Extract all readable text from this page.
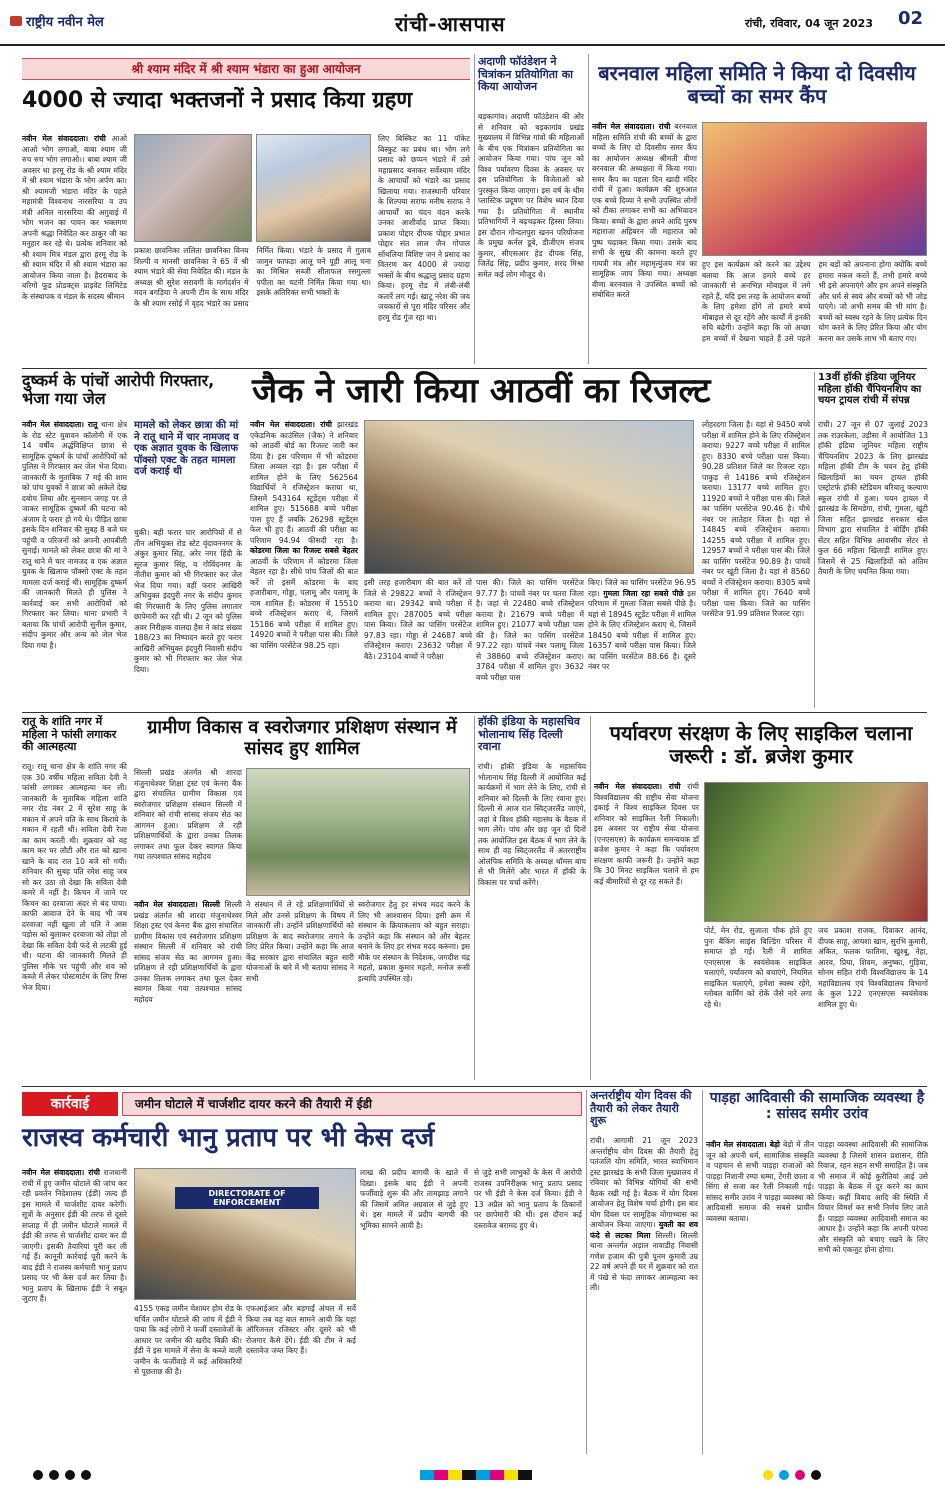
राष्ट्रीय नवीन मेल	रांची-आसपास	रांची, रविवार, 04 जून 2023 02
श्री श्याम मंदिर में श्री श्याम भंडारा का हुआ आयोजन
4000 से ज्यादा भक्तजनों ने प्रसाद किया ग्रहण
नवीन मेल संवाददाता। रांची आओ आओ भोग लगाओ, बाबा श्याम जी रुच रुच भोग लगाओ।। बाबा श्याम जी अवसर था हरमू रोड के श्री श्याम मंदिर में श्री श्याम भंडारा के भोग अर्पण का। श्री श्यामजी भंडारा मंदिर के पहले महामंत्री विश्वनाथ नारसरिया व उप मंत्री अनिल नारसरिया की अगुवाई में भोग भजन का पावन कर भक्तगण अपनी श्रद्धा निवेदित कर ठाकुर जी का मनुहार कर रहे थे। प्रत्येक शनिवार को श्री श्याम मित्र मंडल द्वारा हरमू रोड के श्री श्याम मंदिर में श्री श्याम भंडारा का आयोजन किया जाता है। हैदराबाद के बरिगो फूड प्रोडक्ट्स प्राइवेट लिमिटेड के संस्थापक व मंडल के सदस्य श्रीमान
प्रकाश छावनिका ललिता छावनिका विनय शिल्पी व मानसी छावनिका ने 65 वें श्री श्याम भंडारे की सेवा निवेदित की। मंडल के अध्यक्ष श्री सुरेश सरावगी के मार्गदर्शन में मदन बगड़िया ने अपनी टीम के साथ मंदिर के श्री श्याम रसोई में वृहद भंडारे का प्रसाद निर्मित किया। भंडारे के प्रसाद में गुलाब जामुन फाफड़ा आलू चने पूड़ी आलू चना का मिश्रित सब्जी सीताफल रसगुल्ला पपीता का चटनी निर्मित किया गया था। इसके अतिरिक्त सभी भक्तों के
लिए बिस्किट का 11 पॉकेट बिस्कुट का प्रबंध था। भोग लगे प्रसाद को छप्पन भंडारे में उसे महाप्रसाद बनाकर सर्वेश्याम मंदिर के आचार्यों को भंडारे का प्रसाद खिलाया गया। राजस्थानी परिवार के शिल्पया सराफ मनीष सराफ ने आचार्यों का चंदन वंदन करके उनका आशीर्वाद प्राप्त किया। प्रकाश पोद्दार दीपक पोद्दार प्रभात पोद्दार संत लाल जैन गोपाल सोंथलिया विशिष्ट जन ने प्रसाद का वितरण कर 4000 से ज्यादा भक्तों के बीच श्रद्धालु प्रसाद ग्रहण किया। हरमू रोड में लंबी-लंबी कतारें लग गईं। खाटू नरेश की जय जयकारों से पूरा मंदिर परिसर और हरमू रोड गूंज रहा था।
अदाणी फॉउंडेशन ने चित्रांकन प्रतियोगिता का किया आयोजन
बड़कागांव। अदाणी फॉउंडेशन की ओर से शनिवार को बड़कागांव प्रखंड मुख्यालय में विभिन्न गांवों की महिलाओं के बीच एक चित्रांकन प्रतियोगिता का आयोजन किया गया। पांच जून को विश्व पर्यावरण दिवस के अवसर पर इस प्रतियोगिता के विजेताओं को पुरस्कृत किया जाएगा। इस वर्ष के थीम प्लास्टिक प्रदूषण पर विशेष ध्यान दिया गया है। प्रतियोगिता में स्थानीय प्रतिभागियों ने बढ़चढ़कर हिस्सा लिया। इस दौरान गोन्दलपुरा खनन परियोजना के प्रमुख कर्नल डूबे, डीजीएम संजय कुमार, सीएसआर हेड दीपक सिंह, जितेंद्र सिंह, प्रदीप कुमार, शरद मिश्रा समेत कई लोग मौजूद थे।
बरनवाल महिला समिति ने किया दो दिवसीय बच्चों का समर कैंप
नवीन मेल संवाददाता। रांची बरनवाल महिला समिति रांची की बच्चों के द्वारा बच्चों के लिए दो दिवसीय समर कैंप का आयोजन अध्यक्ष श्रीमती वीणा बरनवाल की अध्यक्षता में किया गया। समर कैंप का पहला दिन खादी मंदिर रांची में हुआ। कार्यक्रम की शुरुआत एक बच्चे दिव्या ने सभी उपस्थित लोगों को टीका लगाकर सभी का अभिवादन किया। बच्चों के द्वारा अपने आदि पुरुष महाराजा अहिबरन जी महाराज को पुष्प चढ़ाकर किया गया। उसके बाद सभी के सुख की कामना करते हुए गायत्री मंत्र और महामृत्युंजय मंत्र का सामूहिक जाप किया गया। अध्यक्षा वीणा बरनवाल ने उपस्थित बच्चों को संबोधित करते
हुए इस कार्यक्रम को करने का उद्देश्य बताया कि आज हमारे बच्चे हर जानकारी से अनभिज्ञ मोबाइल में लगे रहते हैं, यदि इस तरह के आयोजन बच्चों के लिए हमेशा होंगे तो हमारे बच्चे मोबाइल से दूर रहेंगे और कार्यों में इनकी रुचि बढ़ेगी। उन्होंने कहा कि जो अच्छा हम बच्चों में देखना चाहते हैं उसे पहले हम बड़ों को अपनाना होगा क्योंकि बच्चे हमारा नकल करते हैं, तभी हमारे बच्चे भी इसे अपनाएंगे और हम अपने संस्कृति और धर्म से स्वयं और बच्चों को भी जोड़ पाएंगे। जो अभी समय की भी मांग है। बच्चों को स्वस्थ रहने के लिए प्रत्येक दिन योग करने के लिए प्रेरित किया और योग करना कर उसके लाभ भी बताए गए।
दुष्कर्म के पांचों आरोपी गिरफ्तार, भेजा गया जेल
नवीन मेल संवाददाता। रातू थाना क्षेत्र के रोड स्टेट युवावन कॉलोनी में एक 14 वर्षीय अर्द्धविक्षिप्त छात्रा से सामूहिक दुष्कर्म के पांचों आरोपियों को पुलिस ने गिरफ्तार कर जेल भेज दिया। जानकारी के मुताबिक 7 मई की शाम को पांच युवकों ने छात्रा को अकेले देख दबोच लिया और सुनसान जगह पर ले जाकर सामूहिक दुष्कर्म की घटना को अंजाम दे फरार हो गये थे। पीड़ित छात्रा इसके दिन शनिवार की सुबह 8 बजे घर पहुंची व परिजनों को अपनी आपबीती सुनाई। मामले को लेकर छात्रा की मां ने रातू थाने में चार नामजद व एक अज्ञात युवक के खिलाफ पॉक्सो एक्ट के तहत मामला दर्ज कराई थी। सामूहिक दुष्कर्म की जानकारी मिलते ही पुलिस ने कार्रवाई कर सभी आरोपियों को गिरफ्तार कर लिया। थाना प्रभारी ने बताया कि पांचों आरोपी सुनील कुमार, संदीप कुमार और अन्य को जेल भेज दिया गया है।
मामले को लेकर छात्रा की मां ने रातू थाने में चार नामजद व एक अज्ञात युवक के खिलाफ पॉक्सो एक्ट के तहत मामला दर्ज कराई थी
चुकी। बही फरार चार आरोपियों में से तीन अभियुक्त रोड स्टेट वृंदावननगर के अंकुर कुमार सिंह, अरेर नगर हिंदी के सूरज कुमार सिंह, व गोविंदनगर के नीतीश कुमार को भी गिरफ्तार कर जेल भेज दिया गया। वहीं फरार आखिरी अभियुक्त इंदपुरी नगर के संदीप कुमार की गिरफ्तारी के लिए पुलिस लगातार छापेमारी कर रही थी। 2 जून को पुलिस अवर निरीक्षक वालदा हैस ने कांड संख्या 188/23 का निष्पादन करते हुए फरार आखिरी अभियुक्त इंदपुरी निवासी संदीप कुमार को भी गिरफ्तार कर जेल भेज दिया।
जैक ने जारी किया आठवीं का रिजल्ट
नवीन मेल संवाददाता। रांची झारखंड एकेडमिक काउंसिल (जैक) ने शनिवार को आठवीं बोर्ड का रिजल्ट जारी कर दिया है। इस परिणाम में भी कोडरमा जिला अव्वल रहा है। इस परीक्षा में शामिल होने के लिए 562564 विद्यार्थियों ने रजिस्ट्रेशन कराया था, जिसमें 543164 स्टूडेंट्स परीक्षा में शामिल हुए। 515688 बच्चे परीक्षा पास हुए हैं जबकि 26298 स्टूडेंट्स फेल भी हुए हैं। आठवीं की परीक्षा का परिणाम 94.94 फीसदी रहा है। कोडरमा जिला का रिजल्ट सबसे बेहतर आठवीं के परिणाम में कोडरमा जिला बेहतर रहा है। सीधे पांच जिलों की बात करें तो इसमें कोडरमा के बाद हजारीबाग, गोड्डा, पलामू और पलामू के नाम शामिल हैं। कोडरमा में 15510 बच्चे रजिस्ट्रेशन कराए थे, जिसमें 15186 बच्चे परीक्षा में शामिल हुए। 14920 बच्चों ने परीक्षा पास की। जिले का पासिंग परसेंटेज 98.25 रहा।
इसी तरह हजारीबाग की बात करें तो जिले से 29822 बच्चों ने रजिस्ट्रेशन कराया था। 29342 बच्चे परीक्षा में शामिल हुए। 287005 बच्चे परीक्षा पास किया। जिले का पासिंग परसेंटेज 97.83 रहा। गोड्डा से 24687 बच्चे रजिस्ट्रेशन कराए। 23632 परीक्षा में बैठे। 23104 बच्चों ने परीक्षा
पास की। जिले का पासिंग परसेंटेज 97.77 है। पांचवें नंबर पर चतरा जिला है। जहां से 22480 बच्चे रजिस्ट्रेशन कराया है। 21679 बच्चे परीक्षा में शामिल हुए। 21077 बच्चे परीक्षा पास की है। जिले का पासिंग परसेंटेज 97.22 रहा। पांचवें नंबर पलामू जिला से 38860 बच्चे रजिस्ट्रेशन कराए। 3784 परीक्षा में शामिल हुए। 3632 बच्चे परीक्षा पास
किए। जिले का पासिंग परसेंटेज 96.95 रहा। गुमला जिला रहा सबसे पीछे इस परिणाम में गुमला जिला सबसे पीछे है। यहां से 18945 स्टूडेंट परीक्षा में शामिल होने के लिए रजिस्ट्रेशन कराए थे, जिसमें 18450 बच्चे परीक्षा में शामिल हुए। 16357 बच्चे परीक्षा पास किया। जिले का पासिंग परसेंटेज 88.66 है। दूसरे नंबर पर
लोहरदगा जिला है। यहां से 9450 बच्चे परीक्षा में शामिल होने के लिए रजिस्ट्रेशन कराया। 9227 बच्चे परीक्षा में शामिल हुए। 8330 बच्चे परीक्षा पास किया। 90.28 प्रतिशत जिले का रिजल्ट रहा। पाकुड़ से 14186 बच्चे रजिस्ट्रेशन कराया। 13177 बच्चे शामिल हुए। 11920 बच्चों ने परीक्षा पास की। जिले का पासिंग परसेंटेज 90.46 है। चौथे नंबर पर लातेहार जिला है। यहां से 14845 बच्चे रजिस्ट्रेशन कराया। 14255 बच्चे परीक्षा में शामिल हुए। 12957 बच्चों ने परीक्षा पास की। जिले का पासिंग परसेंटेज 90.89 है। पांचवें नंबर पर खूंटी जिला है। यहां से 8560 बच्चों ने रजिस्ट्रेशन कराया। 8305 बच्चे परीक्षा में शामिल हुए। 7640 बच्चे परीक्षा पास किया। जिले का पासिंग परसेंटेज 91.99 प्रतिशत रिजल्ट रहा।
13वीं हॉकी इंडिया जूनियर महिला हॉकी चैंपियनशिप का चयन ट्रायल रांची में संपन्न
रांची। 27 जून से 07 जुलाई 2023 तक राउरकेला, उड़ीसा में आयोजित 13 हॉकी इंडिया जूनियर महिला राष्ट्रीय चैंपियनशिप 2023 के लिए झारखंड महिला हॉकी टीम के चयन हेतु हॉकी खिलाड़ियों का चयन ट्रायल हॉकी एस्ट्रोटर्फ हॉकी स्टेडियम बरियातू कल्याण स्कूल रांची में हुआ। चयन ट्रायल में झारखंड के सिमडेगा, रांची, गुमला, खूंटी जिला सहित झारखंड सरकार खेल विभाग द्वारा संचालित डे बोर्डिंग हॉकी सेंटर सहित विभिन्न आवासीय सेंटर से कुल 66 महिला खिलाड़ी शामिल हुए। जिसमें से 25 खिलाड़ियों को अंतिम तैयारी के लिए चयनित किया गया।
रातू के शांति नगर में महिला ने फांसी लगाकर की आत्महत्या
रातू। रातू थाना क्षेत्र के शांति नगर की एक 30 वर्षीय महिला सविता देवी ने फांसी लगाकर आत्महत्या कर ली। जानकारी के मुताबिक महिला शांति नगर रोड नंबर 2 में सुरेश साहू के मकान में अपने पति के साथ किराये के मकान में रहती थी। सविता देवी रेजा का काम करती थी। शुक्रवार को वह काम कर घर लौटी और रात को खाना खाने के बाद रात 10 बजे सो गयी। शनिवार की सुबह पति रमेश साहू जब सो कर उठा तो देखा कि सविता देवी कमरे में नहीं है। किचन में जाने पर किचन का दरवाजा अंदर से बंद पाया। काफी आवाज देने के बाद भी जब दरवाजा नहीं खुला तो पति ने आस पड़ोस को बुलाकर दरवाजा को तोड़ा तो देखा कि सविता देवी फंदे से लटकी हुई थी। घटना की जानकारी मिलते ही पुलिस मौके पर पहुंची और शव को कब्जे में लेकर पोस्टमार्टम के लिए रिम्स भेज दिया।
ग्रामीण विकास व स्वरोजगार प्रशिक्षण संस्थान में सांसद हुए शामिल
नवीन मेल संवाददाता। सिल्ली सिल्ली प्रखंड अंतर्गत श्री शारदा मंजुनाथेश्वर शिक्षा ट्रस्ट एवं केनरा बैंक द्वारा संचालित ग्रामीण विकास एवं स्वरोजगार प्रशिक्षण संस्थान सिल्ली में शनिवार को रांची सांसद संजय सेठ का आगमन हुआ। प्रशिक्षण ले रही प्रशिक्षणार्थियों के द्वारा उनका तिलक लगाकर तथा फूल देकर स्वागत किया गया तत्पश्चात सांसद महोदय
ने संस्थान में ले रहे प्रशिक्षणार्थियों से मिले और उनसे प्रशिक्षण के विषय में जानकारी ली। उन्होंने प्रशिक्षणार्थियों को प्रशिक्षण के बाद स्वरोजगार लगाने के लिए प्रेरित किया। उन्होंने कहा कि आज केंद्र सरकार द्वारा संचालित बहुत सारी योजनाओं के बारे में भी बताया सांसद ने सभी
स्वरोजगार हेतु हर संभव मदद करने के लिए भी आश्वासन दिया। इसी क्रम में संस्थान के क्रियाकलाप को बहुत सराहा। उन्होंने कहा कि संस्थान को और बेहतर बनाने के लिए हर संभव मदद करूंगा। इस मौके पर संस्थान के निदेशक, जगदीश चंद्र महतो, प्रकाश कुमार महतो, मनोज रूसी इत्यादि उपस्थित रहे।
सिल्ली प्रखंड अंतर्गत श्री शारदा मंजुनाथेश्वर शिक्षा ट्रस्ट एवं केनरा बैंक द्वारा संचालित ग्रामीण विकास एवं स्वरोजगार प्रशिक्षण संस्थान सिल्ली में शनिवार को रांची सांसद संजय सेठ का आगमन हुआ। प्रशिक्षण ले रही प्रशिक्षणार्थियों के द्वारा उनका तिलक लगाकर तथा फूल देकर स्वागत किया गया तत्पश्चात सांसद महोदय
हॉकी इंडिया के महासचिव भोलानाथ सिंह दिल्ली रवाना
रांची। हॉकी इंडिया के महासचिव भोलानाथ सिंह दिल्ली में आयोजित कई कार्यक्रमों में भाग लेने के लिए, रांची से शनिवार को दिल्ली के लिए रवाना हुए। दिल्ली से आज रात स्विट्जरलैंड जाएंगे, जहां वे विश्व हॉकी महासंघ के बैठक में भाग लेंगे। पांच और छह जून दो दिनों तक आयोजित इस बैठक में भाग लेने के साथ ही वह स्विट्जरलैंड में अंतरराष्ट्रीय ओलंपिक समिति के अध्यक्ष थॉमस बाच से भी मिलेंगे और भारत में हॉकी के विकास पर चर्चा करेंगे।
पर्यावरण संरक्षण के लिए साइकिल चलाना जरूरी : डॉ. ब्रजेश कुमार
नवीन मेल संवाददाता। रांची रांची विश्वविद्यालय की राष्ट्रीय सेवा योजना इकाई ने विश्व साइकिल दिवस पर शनिवार को साइकिल रैली निकाली। इस अवसर पर राष्ट्रीय सेवा योजना (एनएसएस) के कार्यक्रम समन्वयक डॉ ब्रजेश कुमार ने कहा कि पर्यावरण संरक्षण काफी जरूरी है। उन्होंने कहा कि 30 मिनट साइकिल चलाने से हम कई बीमारियों से दूर रह सकते हैं।
पोर्ट, मेन रोड, सुजाता चौक होते हुए पुनः बैंकिंग साइंस बिल्डिंग परिसर में समाप्त हो गई। रैली में शामिल एनएसएस के स्वयंसेवक साइकिल चलाएंगे, पर्यावरण को बचाएंगे, नियमित साइकिल चलाएंगे, हमेशा स्वस्थ रहेंगे, ग्लोबल वार्मिंग को रोकें जैसे नारे लगा रहे थे।
जय प्रकाश राजक, दिवाकर आनंद, दीपक साहू, आयशा खान, सुरभि कुमारी, अंकित, फलक फातिमा, खुश्बू, नेहा, आरव, प्रिया, शिवम, अनुष्का, गुड़िया, सोनम सहित रांची विश्वविद्यालय के 14 महाविद्यालय एवं विश्वविद्यालय विभागों के कुल 122 एनएसएस स्वयंसेवक शामिल हुए थे।
कार्रवाई	जमीन घोटाले में चार्जशीट दायर करने की तैयारी में ईडी
राजस्व कर्मचारी भानु प्रताप पर भी केस दर्ज
नवीन मेल संवाददाता। रांची राजधानी रांची में हुए जमीन घोटाले की जांच कर रही प्रवर्तन निदेशालय (ईडी) जल्द ही इस मामले में चार्जशीट दायर करेगी। सूत्रों के अनुसार ईडी की तरफ से दूसरे सप्ताह में ही जमीन घोटाले मामले में ईडी की तरफ से चार्जशीट दायर कर दी जाएगी। इसकी तैयारियां पूरी कर ली गई हैं। कानूनी कार्रवाई पूरी करने के बाद ईडी ने राजस्व कर्मचारी भानु प्रताप प्रसाद पर भी केस दर्ज कर लिया है। भानु प्रताप के खिलाफ ईडी ने सबूत जुटाए हैं।
DIRECTORATE OF ENFORCEMENT
4155 एकड़ जमीन चेशायर होम रोड के चर्चित जमीन घोटाले की जांच में ईडी ने पाया कि कई लोगों ने फर्जी दस्तावेजों के आधार पर जमीन की खरीद बिक्री की। ईडी ने इस मामले में सेना के कब्जे वाली जमीन के फर्जीवाड़े में कई अधिकारियों से पूछताछ की है।
एफआईआर और बड़गाईं अंचल में सर्वे किया तब यह बात सामने आयी कि यहां ऑरिजनल रजिस्टर और दूसरे को भी रोजगार कैसे देंगे। ईडी की टीम ने कई दस्तावेज जब्त किए हैं।
लाख की प्रदीप बागची के खाते में दिखा। इसके बाद ईडी ने अपनी फर्जीवाड़े शुरू की और तामझाड़ लगाने की जिसमें अमित अग्रवाल से जुड़े हुए थे। इस मामले में प्रदीप बागची की भूमिका सामने आयी है।
से जुड़े सभी लाभुकों के केस में आरोपी राजस्व उपनिरीक्षक भानु प्रताप प्रसाद पर भी ईडी ने केस दर्ज किया। ईडी ने 13 अप्रैल को भानु प्रताप के ठिकानों पर छापेमारी की थी। इस दौरान कई दस्तावेज बरामद हुए थे।
अन्तर्राष्ट्रीय योग दिवस की तैयारी को लेकर तैयारी शुरू
रांची। आगामी 21 जून 2023 अन्तर्राष्ट्रीय योग दिवस की तैयारी हेतु पतंजलि योग समिति, भारत स्वाभिमान ट्रस्ट झारखंड के सभी जिला मुख्यालय में रविवार को विभिन्न योगियों की सभी बैठक रखी गई है। बैठक में योग दिवस आयोजन हेतु विशेष चर्चा होगी। इस बार योग दिवस पर सामूहिक योगाभ्यास का आयोजन किया जाएगा। युवती का शव फंदे से लटका मिला सिल्ली। सिल्ली थाना अन्तर्गत अड़ाल नावाडीह निवासी गणेश हजाम की पुत्री पूनम कुमारी उम्र 22 वर्ष अपने ही घर में शुक्रवार को रात में पंखे से फंदा लगाकर आत्महत्या कर ली।
पाड़हा आदिवासी की सामाजिक व्यवस्था है : सांसद समीर उरांव
नवीन मेल संवाददाता। बेड़ो बेड़ो में तीन जून को अपनी धर्म, सामाजिक संस्कृति व पहचान से सभी पाड़हा राजाओं को पाड़हा निशानी रम्पा धम्मा, टेंगरी छाता व सिंगा से सजा कर रैली निकाली गई। सांसद समीर उरांव ने पाड़हा व्यवस्था को आदिवासी समाज की सबसे प्राचीन व्यवस्था बताया।
पाड़हा व्यवस्था आदिवासी की सामाजिक व्यवस्था है जिसमें शासन प्रशासन, रीति रिवाज, रहन सहन सभी समाहित है। जब भी समाज में कोई कुरीतियां आई उसे पाड़हा के बैठक में दूर करने का काम किया। कहीं विवाद आदि की स्थिति में विचार विमर्श कर सभी निर्णय लिए जाते हैं। पाड़हा व्यवस्था आदिवासी समाज का आधार है। उन्होंने कहा कि अपनी परंपरा और संस्कृति को बचाए रखने के लिए सभी को एकजुट होना होगा।
